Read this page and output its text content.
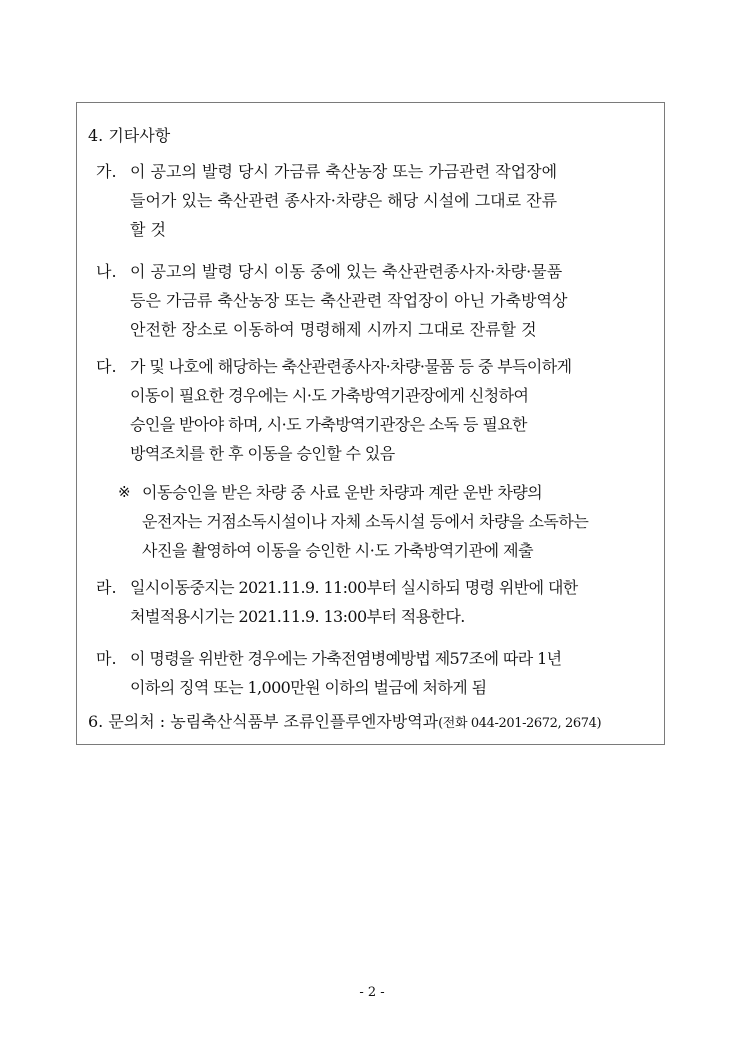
4. 기타사항
가. 이 공고의 발령 당시 가금류 축산농장 또는 가금관련 작업장에
들어가 있는 축산관련 종사자·차량은 해당 시설에 그대로 잔류
할 것
나. 이 공고의 발령 당시 이동 중에 있는 축산관련종사자·차량·물품
등은 가금류 축산농장 또는 축산관련 작업장이 아닌 가축방역상
안전한 장소로 이동하여 명령해제 시까지 그대로 잔류할 것
다. 가 및 나호에 해당하는 축산관련종사자·차량·물품 등 중 부득이하게
이동이 필요한 경우에는 시·도 가축방역기관장에게 신청하여
승인을 받아야 하며, 시·도 가축방역기관장은 소독 등 필요한
방역조치를 한 후 이동을 승인할 수 있음
※ 이동승인을 받은 차량 중 사료 운반 차량과 계란 운반 차량의
운전자는 거점소독시설이나 자체 소독시설 등에서 차량을 소독하는
사진을 촬영하여 이동을 승인한 시·도 가축방역기관에 제출
라. 일시이동중지는 2021.11.9. 11:00부터 실시하되 명령 위반에 대한
처벌적용시기는 2021.11.9. 13:00부터 적용한다.
마. 이 명령을 위반한 경우에는 가축전염병예방법 제57조에 따라 1년
이하의 징역 또는 1,000만원 이하의 벌금에 처하게 됨
6. 문의처 : 농림축산식품부 조류인플루엔자방역과(전화 044-201-2672, 2674)
- 2 -
